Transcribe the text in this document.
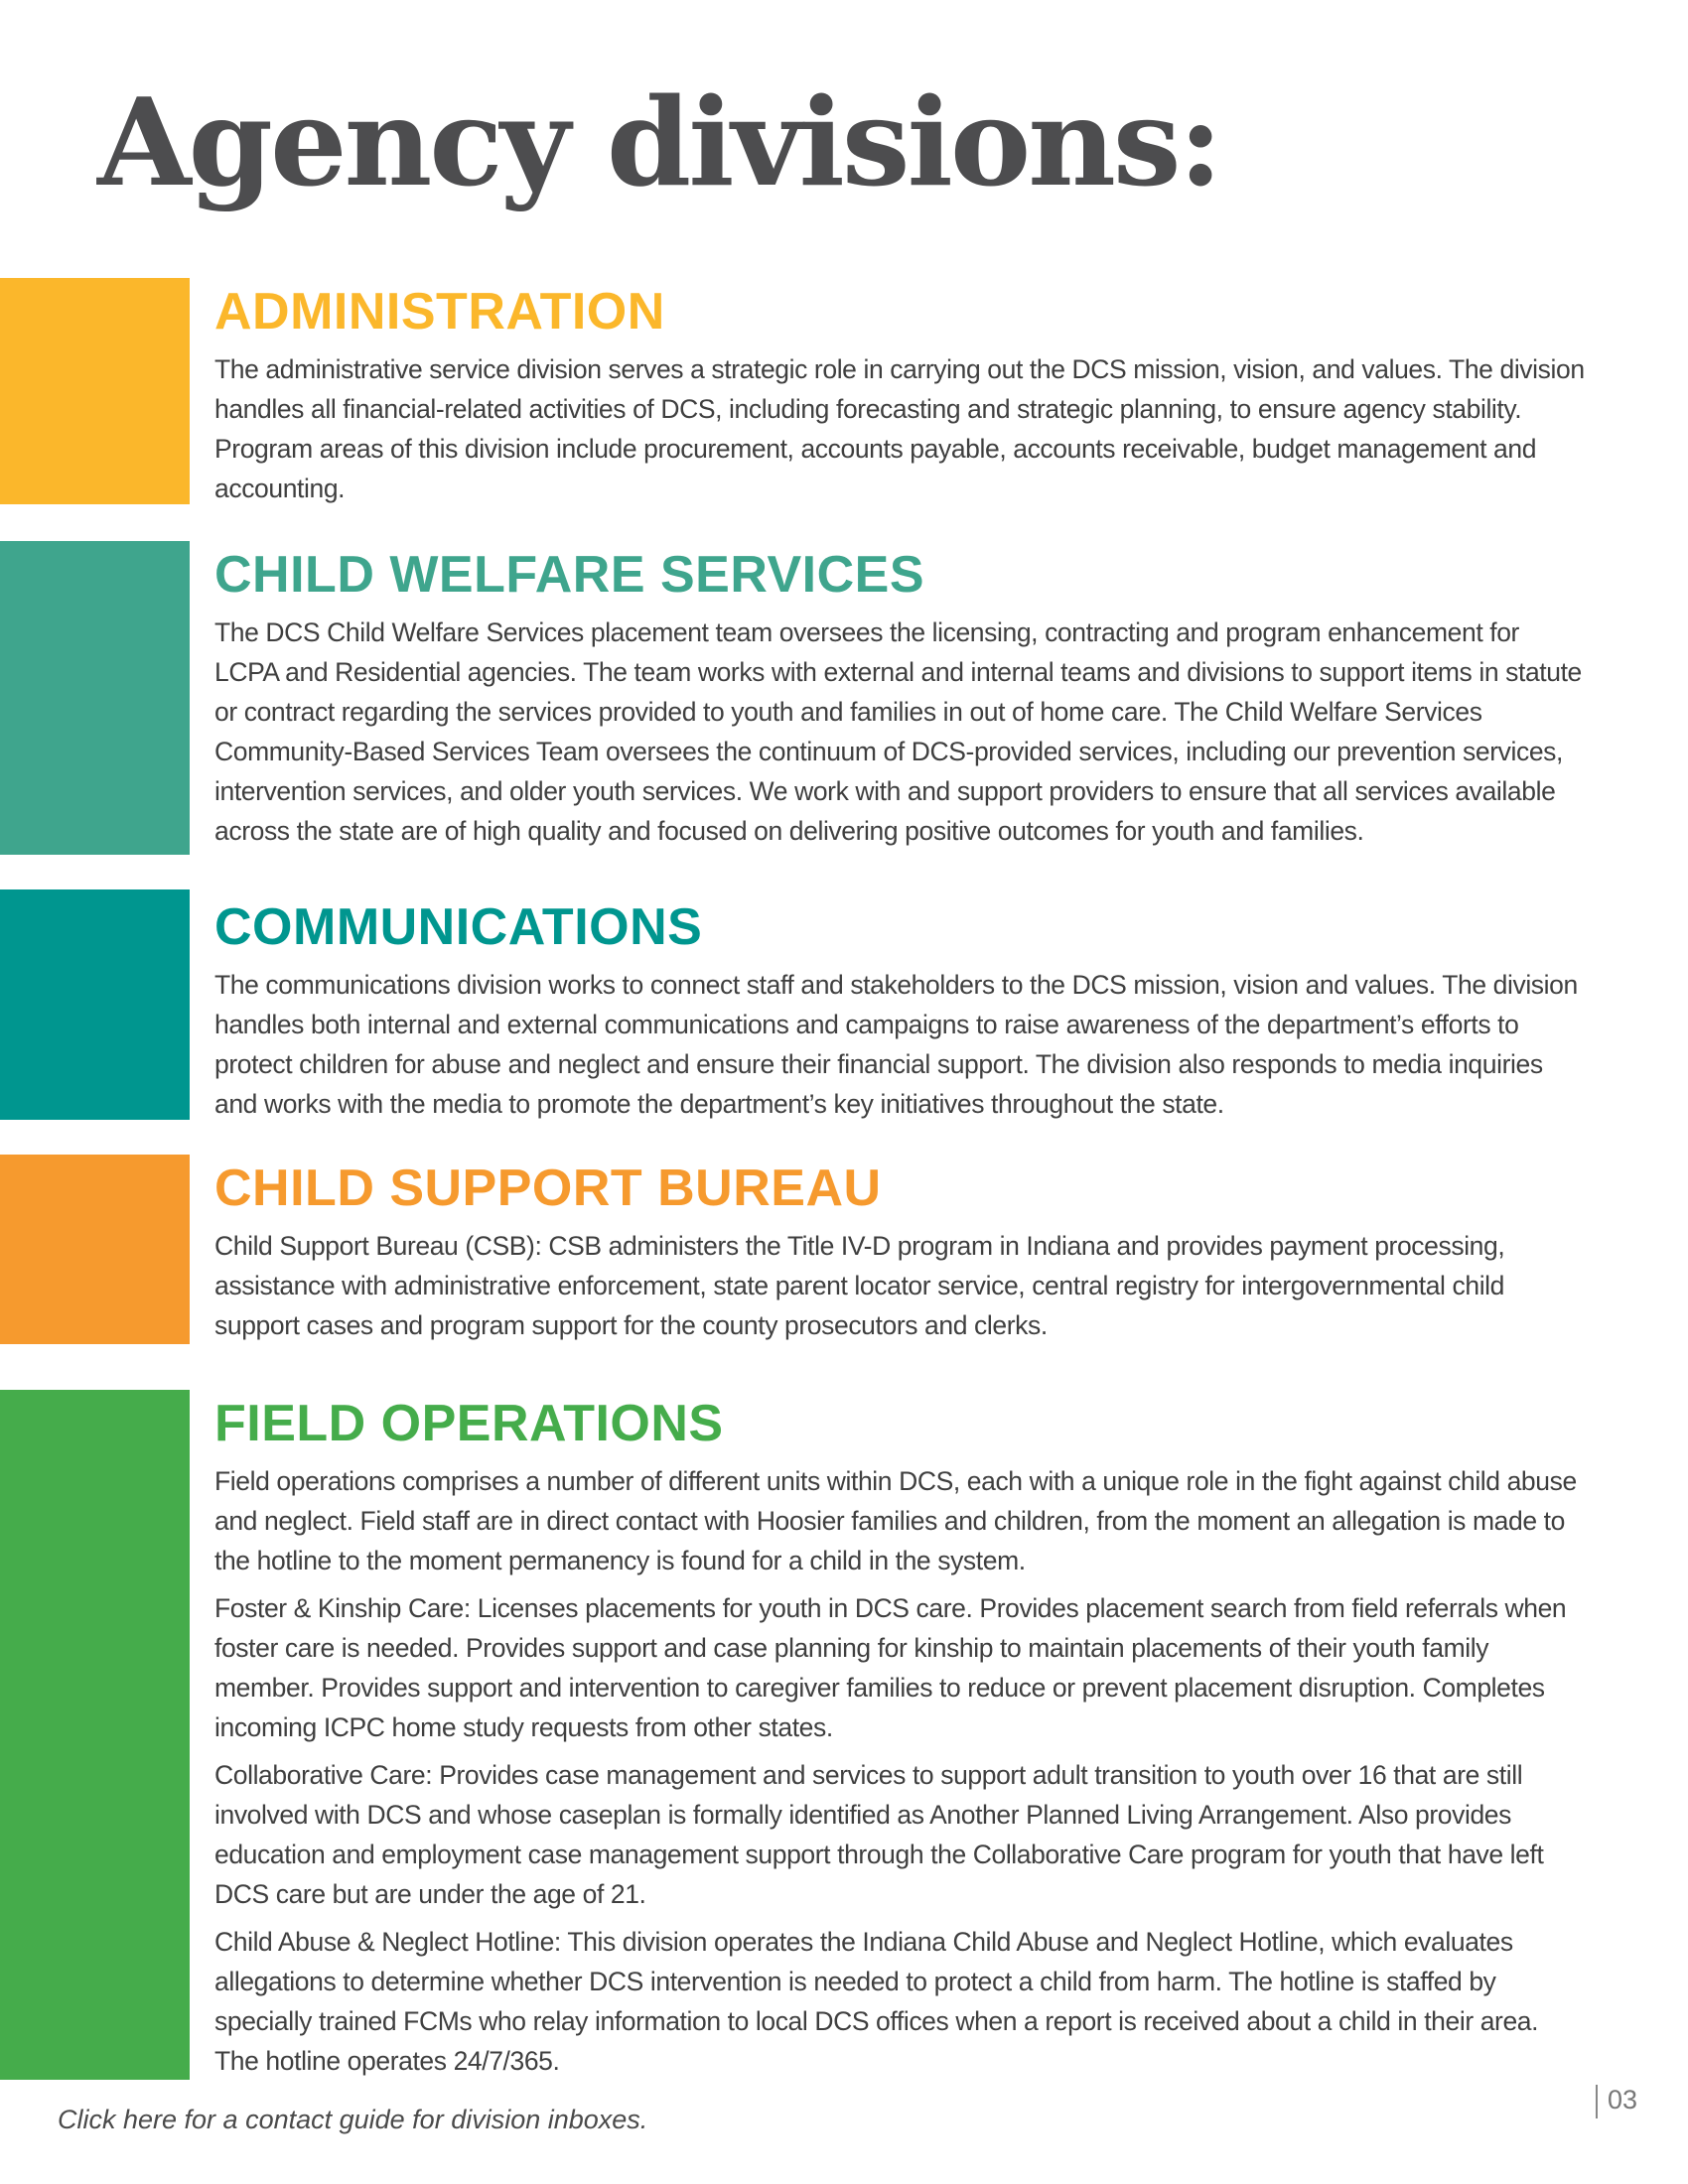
Agency divisions:
ADMINISTRATION

The administrative service division serves a strategic role in carrying out the DCS mission, vision, and values. The division handles all financial-related activities of DCS, including forecasting and strategic planning, to ensure agency stability. Program areas of this division include procurement, accounts payable, accounts receivable, budget management and accounting.

CHILD WELFARE SERVICES

The DCS Child Welfare Services placement team oversees the licensing, contracting and program enhancement for LCPA and Residential agencies. The team works with external and internal teams and divisions to support items in statute or contract regarding the services provided to youth and families in out of home care. The Child Welfare Services Community-Based Services Team oversees the continuum of DCS-provided services, including our prevention services, intervention services, and older youth services. We work with and support providers to ensure that all services available across the state are of high quality and focused on delivering positive outcomes for youth and families.

COMMUNICATIONS

The communications division works to connect staff and stakeholders to the DCS mission, vision and values. The division handles both internal and external communications and campaigns to raise awareness of the department’s efforts to protect children for abuse and neglect and ensure their financial support. The division also responds to media inquiries and works with the media to promote the department’s key initiatives throughout the state.

CHILD SUPPORT BUREAU

Child Support Bureau (CSB): CSB administers the Title IV-D program in Indiana and provides payment processing, assistance with administrative enforcement, state parent locator service, central registry for intergovernmental child support cases and program support for the county prosecutors and clerks.

FIELD OPERATIONS

Field operations comprises a number of different units within DCS, each with a unique role in the fight against child abuse and neglect. Field staff are in direct contact with Hoosier families and children, from the moment an allegation is made to the hotline to the moment permanency is found for a child in the system.

Foster & Kinship Care: Licenses placements for youth in DCS care. Provides placement search from field referrals when foster care is needed. Provides support and case planning for kinship to maintain placements of their youth family member. Provides support and intervention to caregiver families to reduce or prevent placement disruption. Completes incoming ICPC home study requests from other states.

Collaborative Care: Provides case management and services to support adult transition to youth over 16 that are still involved with DCS and whose caseplan is formally identified as Another Planned Living Arrangement. Also provides education and employment case management support through the Collaborative Care program for youth that have left DCS care but are under the age of 21.

Child Abuse & Neglect Hotline: This division operates the Indiana Child Abuse and Neglect Hotline, which evaluates allegations to determine whether DCS intervention is needed to protect a child from harm. The hotline is staffed by specially trained FCMs who relay information to local DCS offices when a report is received about a child in their area. The hotline operates 24/7/365.

Click here for a contact guide for division inboxes.
03
